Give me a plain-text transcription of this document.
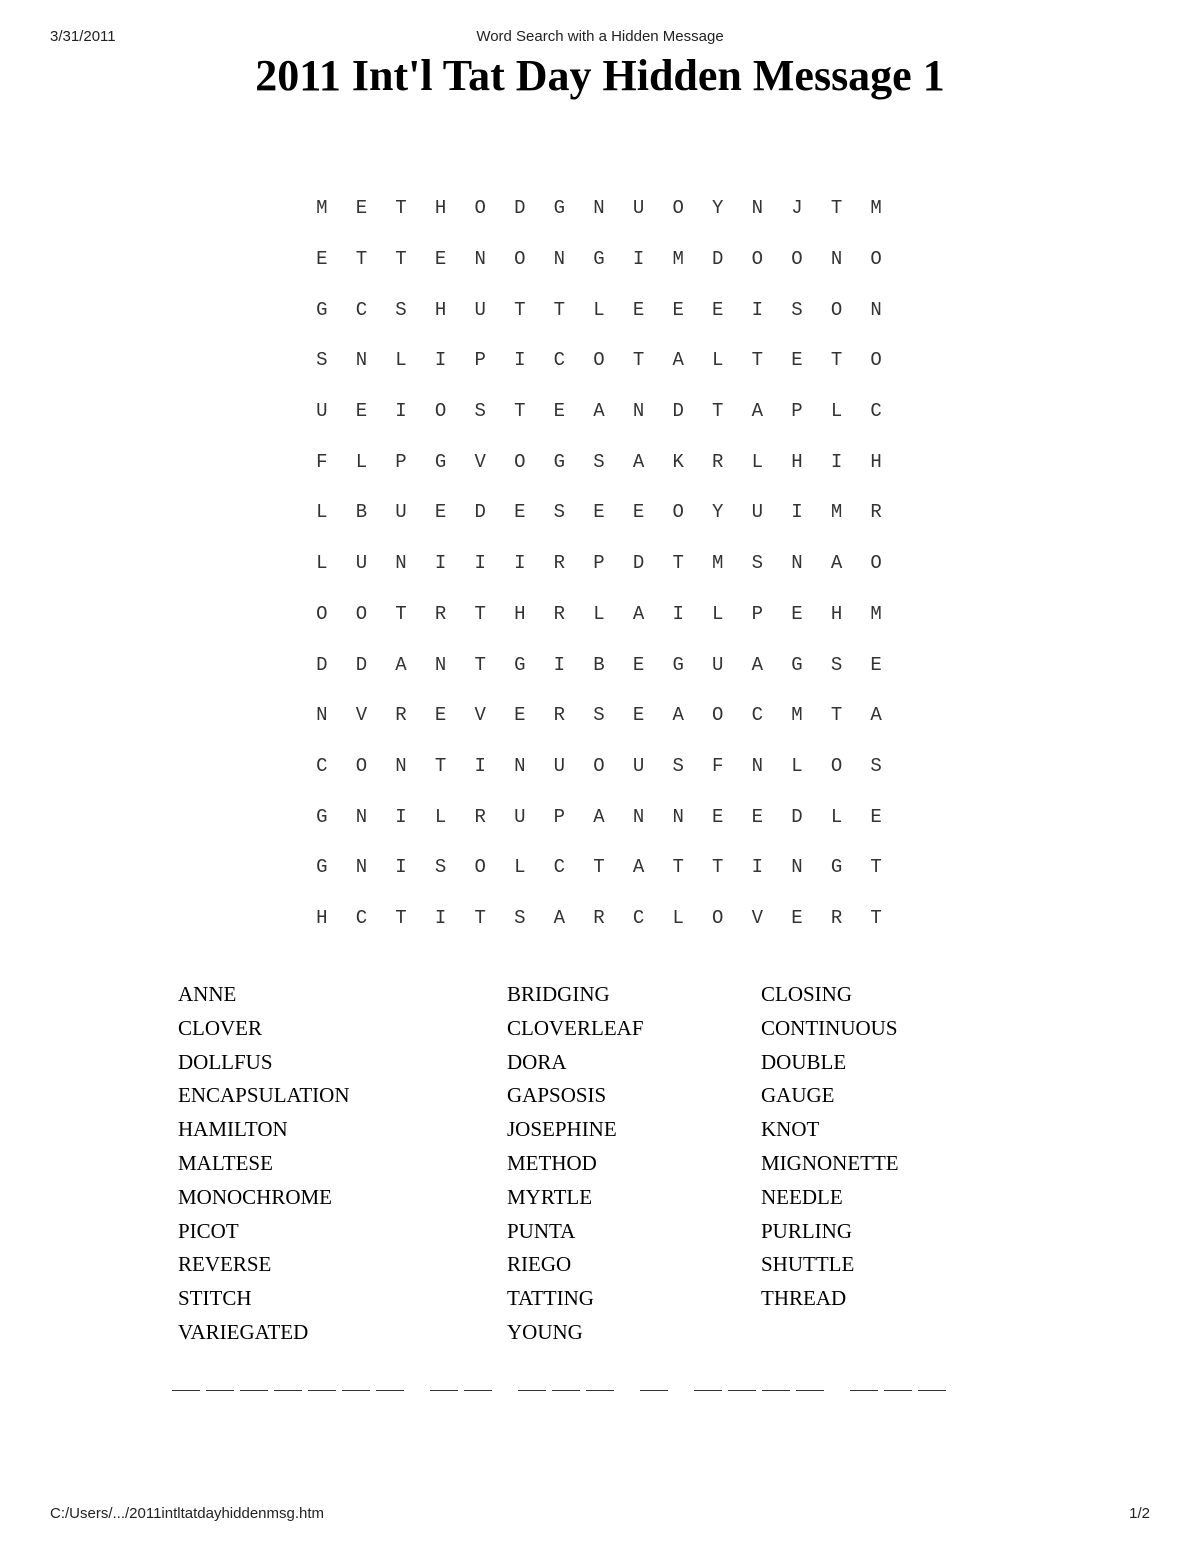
3/31/2011	Word Search with a Hidden Message
2011 Int'l Tat Day Hidden Message 1
M	E	T	H	O	D	G	N	U	O	Y	N	J	T	M
E	T	T	E	N	O	N	G	I	M	D	O	O	N	O
G	C	S	H	U	T	T	L	E	E	E	I	S	O	N
S	N	L	I	P	I	C	O	T	A	L	T	E	T	O
U	E	I	O	S	T	E	A	N	D	T	A	P	L	C
F	L	P	G	V	O	G	S	A	K	R	L	H	I	H
L	B	U	E	D	E	S	E	E	O	Y	U	I	M	R
L	U	N	I	I	I	R	P	D	T	M	S	N	A	O
O	O	T	R	T	H	R	L	A	I	L	P	E	H	M
D	D	A	N	T	G	I	B	E	G	U	A	G	S	E
N	V	R	E	V	E	R	S	E	A	O	C	M	T	A
C	O	N	T	I	N	U	O	U	S	F	N	L	O	S
G	N	I	L	R	U	P	A	N	N	E	E	D	L	E
G	N	I	S	O	L	C	T	A	T	T	I	N	G	T
H	C	T	I	T	S	A	R	C	L	O	V	E	R	T
ANNE
CLOVER
DOLLFUS
ENCAPSULATION
HAMILTON
MALTESE
MONOCHROME
PICOT
REVERSE
STITCH
VARIEGATED
BRIDGING
CLOVERLEAF
DORA
GAPSOSIS
JOSEPHINE
METHOD
MYRTLE
PUNTA
RIEGO
TATTING
YOUNG
CLOSING
CONTINUOUS
DOUBLE
GAUGE
KNOT
MIGNONETTE
NEEDLE
PURLING
SHUTTLE
THREAD
C:/Users/.../2011intltatdayhiddenmsg.htm	1/2
